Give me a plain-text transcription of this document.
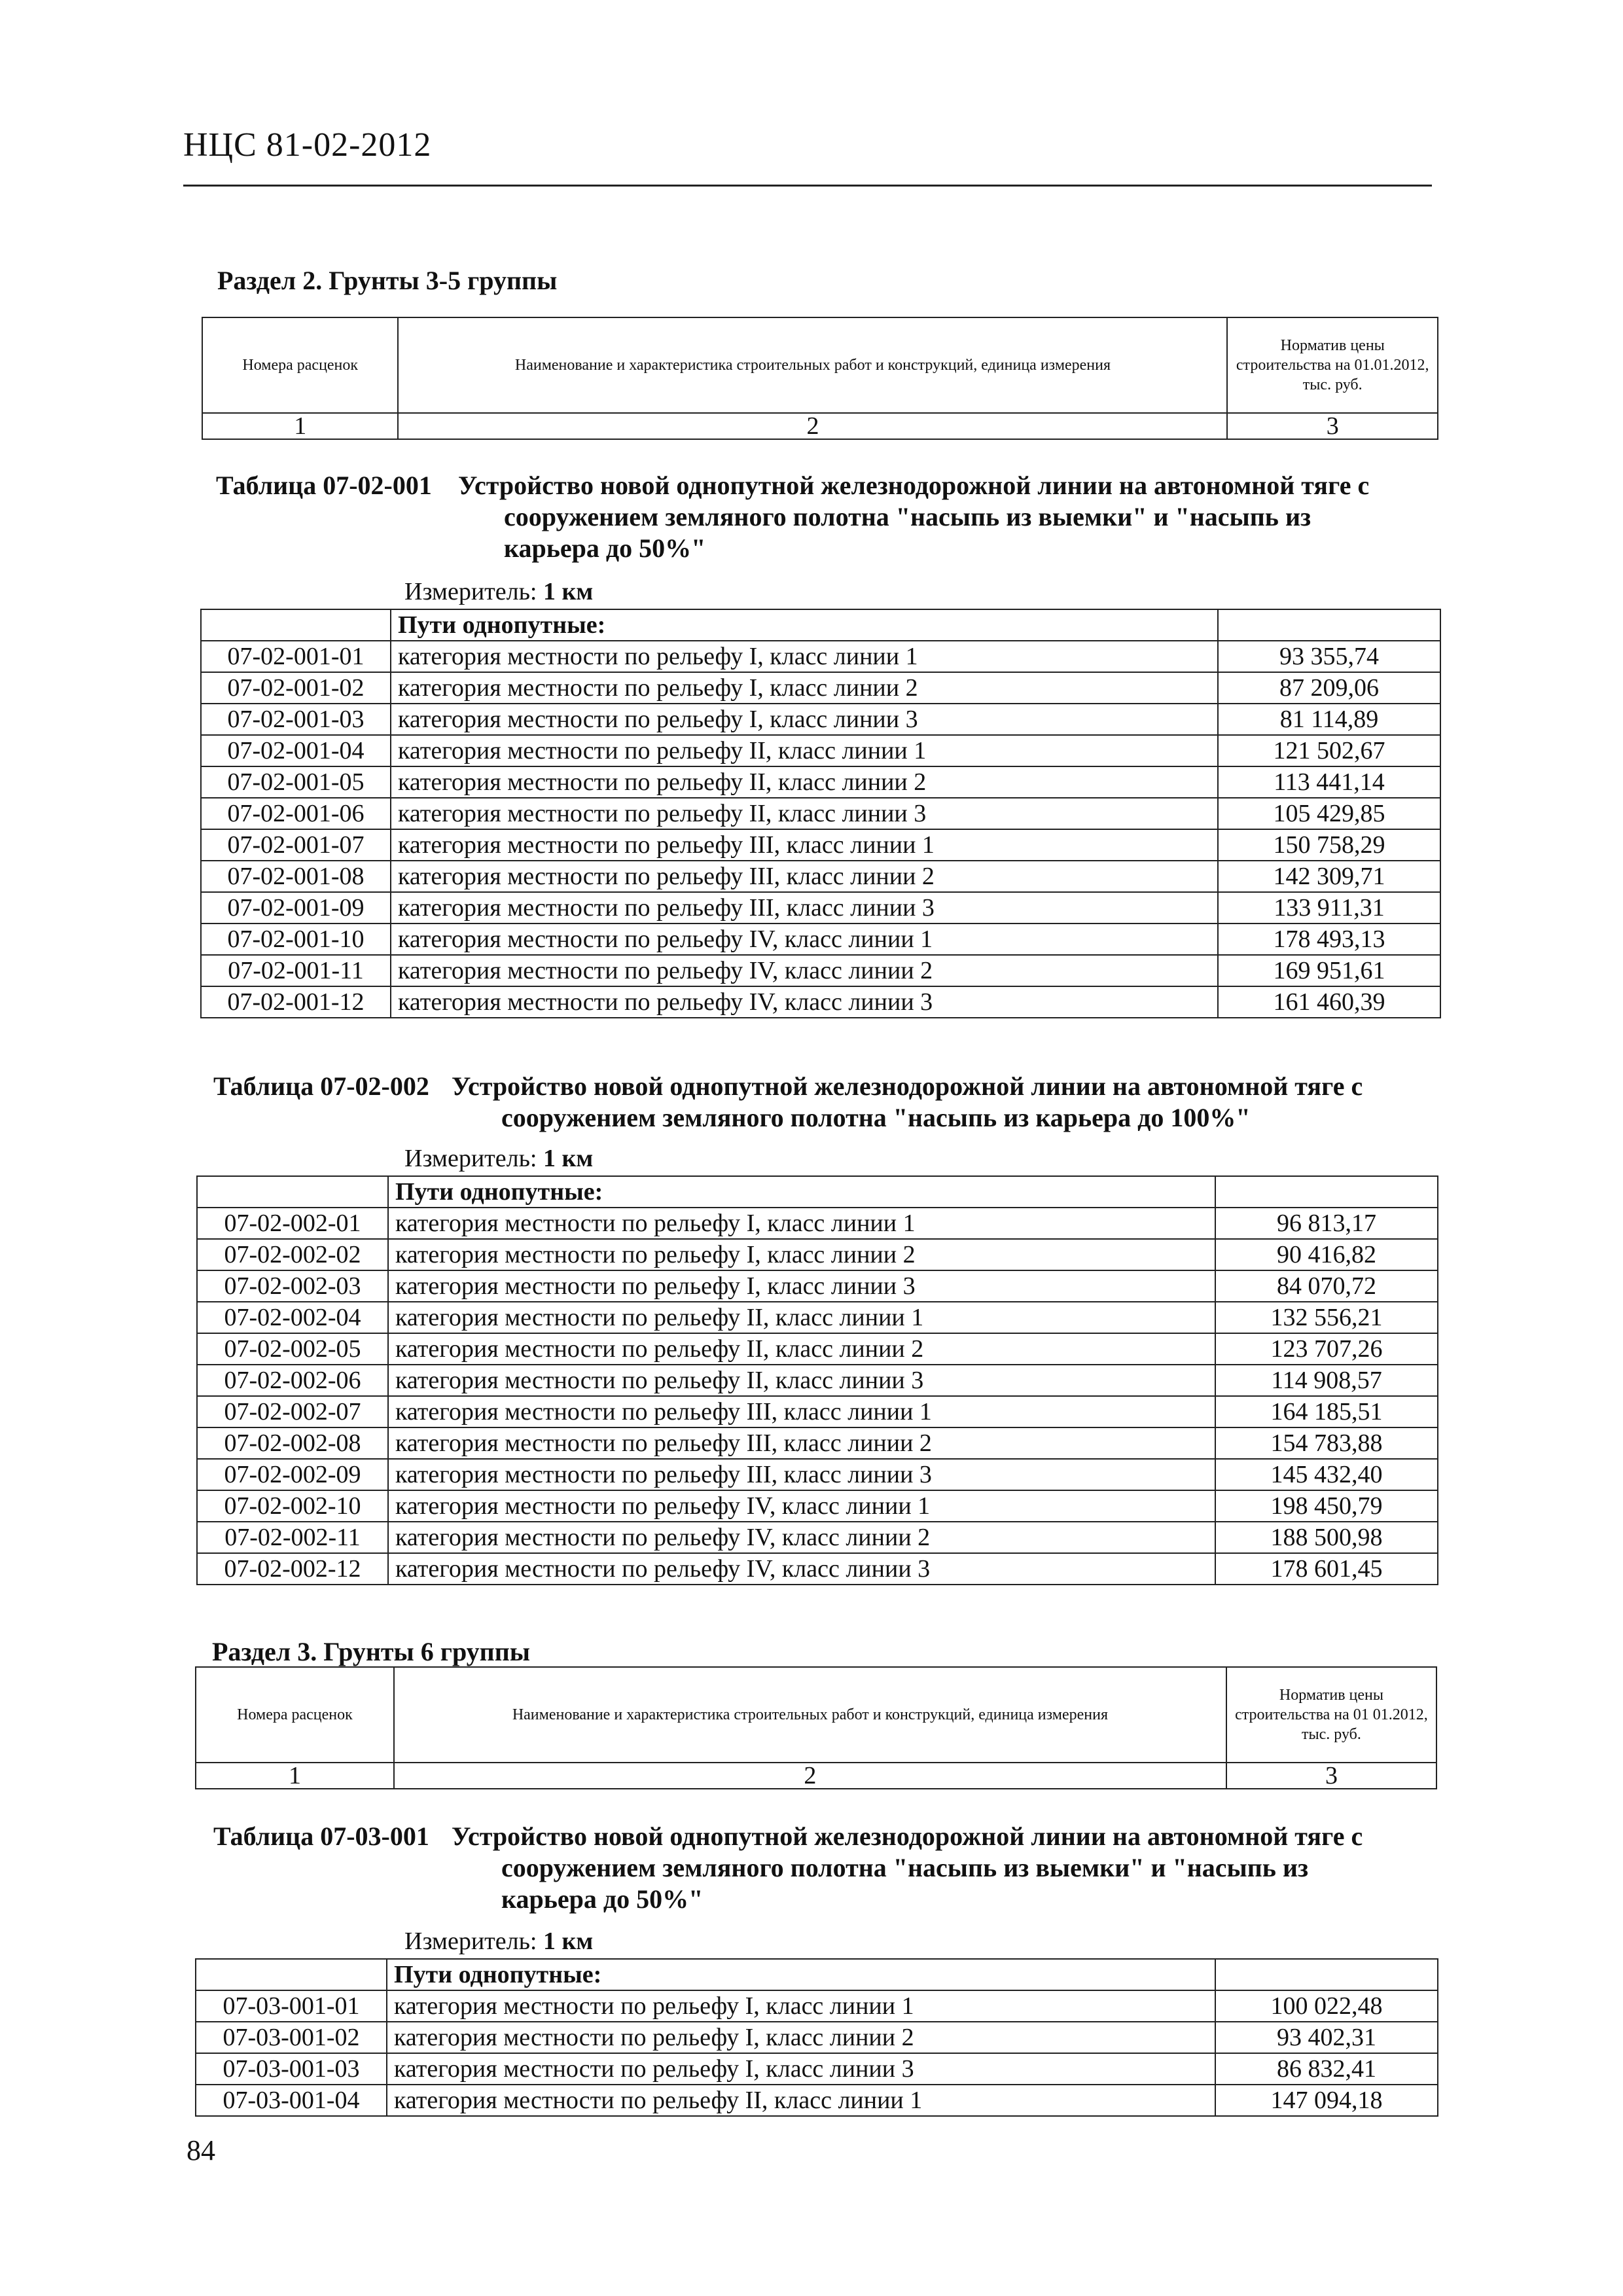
НЦС 81-02-2012
Раздел 2. Грунты 3-5 группы
Номера расценок	Наименование и характеристика строительных работ и конструкций, единица измерения	Норматив цены строительства на 01.01.2012, тыс. руб.
1	2	3
Таблица 07-02-001 Устройство новой однопутной железнодорожной линии на автономной тяге с
сооружением земляного полотна "насыпь из выемки" и "насыпь из
карьера до 50%"
Измеритель: 1 км
	Пути однопутные:	
07-02-001-01	категория местности по рельефу I, класс линии 1	93 355,74
07-02-001-02	категория местности по рельефу I, класс линии 2	87 209,06
07-02-001-03	категория местности по рельефу I, класс линии 3	81 114,89
07-02-001-04	категория местности по рельефу II, класс линии 1	121 502,67
07-02-001-05	категория местности по рельефу II, класс линии 2	113 441,14
07-02-001-06	категория местности по рельефу II, класс линии 3	105 429,85
07-02-001-07	категория местности по рельефу III, класс линии 1	150 758,29
07-02-001-08	категория местности по рельефу III, класс линии 2	142 309,71
07-02-001-09	категория местности по рельефу III, класс линии 3	133 911,31
07-02-001-10	категория местности по рельефу IV, класс линии 1	178 493,13
07-02-001-11	категория местности по рельефу IV, класс линии 2	169 951,61
07-02-001-12	категория местности по рельефу IV, класс линии 3	161 460,39
Таблица 07-02-002 Устройство новой однопутной железнодорожной линии на автономной тяге с
сооружением земляного полотна "насыпь из карьера до 100%"
Измеритель: 1 км
	Пути однопутные:	
07-02-002-01	категория местности по рельефу I, класс линии 1	96 813,17
07-02-002-02	категория местности по рельефу I, класс линии 2	90 416,82
07-02-002-03	категория местности по рельефу I, класс линии 3	84 070,72
07-02-002-04	категория местности по рельефу II, класс линии 1	132 556,21
07-02-002-05	категория местности по рельефу II, класс линии 2	123 707,26
07-02-002-06	категория местности по рельефу II, класс линии 3	114 908,57
07-02-002-07	категория местности по рельефу III, класс линии 1	164 185,51
07-02-002-08	категория местности по рельефу III, класс линии 2	154 783,88
07-02-002-09	категория местности по рельефу III, класс линии 3	145 432,40
07-02-002-10	категория местности по рельефу IV, класс линии 1	198 450,79
07-02-002-11	категория местности по рельефу IV, класс линии 2	188 500,98
07-02-002-12	категория местности по рельефу IV, класс линии 3	178 601,45
Раздел 3. Грунты 6 группы
Номера расценок	Наименование и характеристика строительных работ и конструкций, единица измерения	Норматив цены строительства на 01 01.2012, тыс. руб.
1	2	3
Таблица 07-03-001 Устройство новой однопутной железнодорожной линии на автономной тяге с
сооружением земляного полотна "насыпь из выемки" и "насыпь из
карьера до 50%"
Измеритель: 1 км
	Пути однопутные:	
07-03-001-01	категория местности по рельефу I, класс линии 1	100 022,48
07-03-001-02	категория местности по рельефу I, класс линии 2	93 402,31
07-03-001-03	категория местности по рельефу I, класс линии 3	86 832,41
07-03-001-04	категория местности по рельефу II, класс линии 1	147 094,18
84
